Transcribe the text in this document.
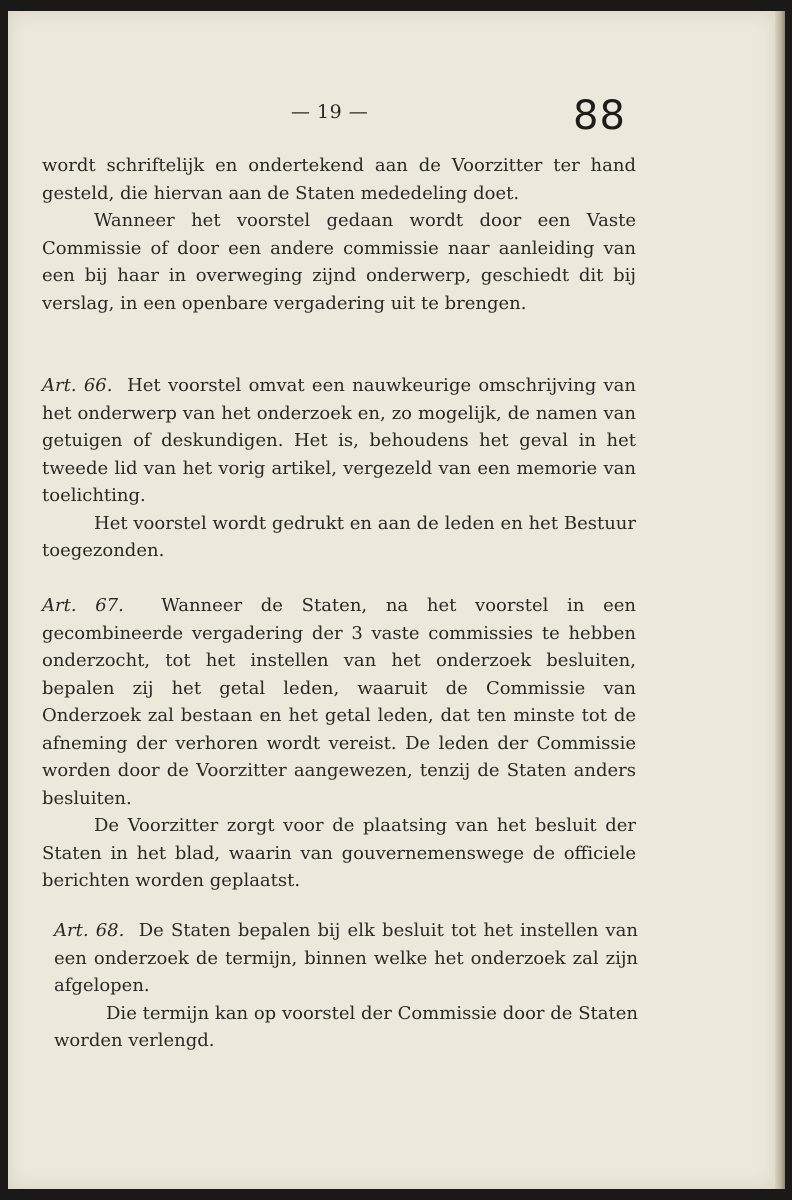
— 19 —	88

wordt schriftelijk en ondertekend aan de Voorzitter ter hand gesteld, die hiervan aan de Staten mededeling doet.

Wanneer het voorstel gedaan wordt door een Vaste Commissie of door een andere commissie naar aanleiding van een bij haar in overweging zijnd onderwerp, geschiedt dit bij verslag, in een openbare vergadering uit te brengen.

Art. 66. Het voorstel omvat een nauwkeurige omschrijving van het onderwerp van het onderzoek en, zo mogelijk, de namen van getuigen of deskundigen. Het is, behoudens het geval in het tweede lid van het vorig artikel, vergezeld van een memorie van toelichting.

Het voorstel wordt gedrukt en aan de leden en het Bestuur toegezonden.

Art. 67. Wanneer de Staten, na het voorstel in een gecombineerde vergadering der 3 vaste commissies te hebben onderzocht, tot het instellen van het onderzoek besluiten, bepalen zij het getal leden, waaruit de Commissie van Onderzoek zal bestaan en het getal leden, dat ten minste tot de afneming der verhoren wordt vereist. De leden der Commissie worden door de Voorzitter aangewezen, tenzij de Staten anders besluiten.

De Voorzitter zorgt voor de plaatsing van het besluit der Staten in het blad, waarin van gouvernemenswege de officiele berichten worden geplaatst.

Art. 68. De Staten bepalen bij elk besluit tot het instellen van een onderzoek de termijn, binnen welke het onderzoek zal zijn afgelopen.

Die termijn kan op voorstel der Commissie door de Staten worden verlengd.
